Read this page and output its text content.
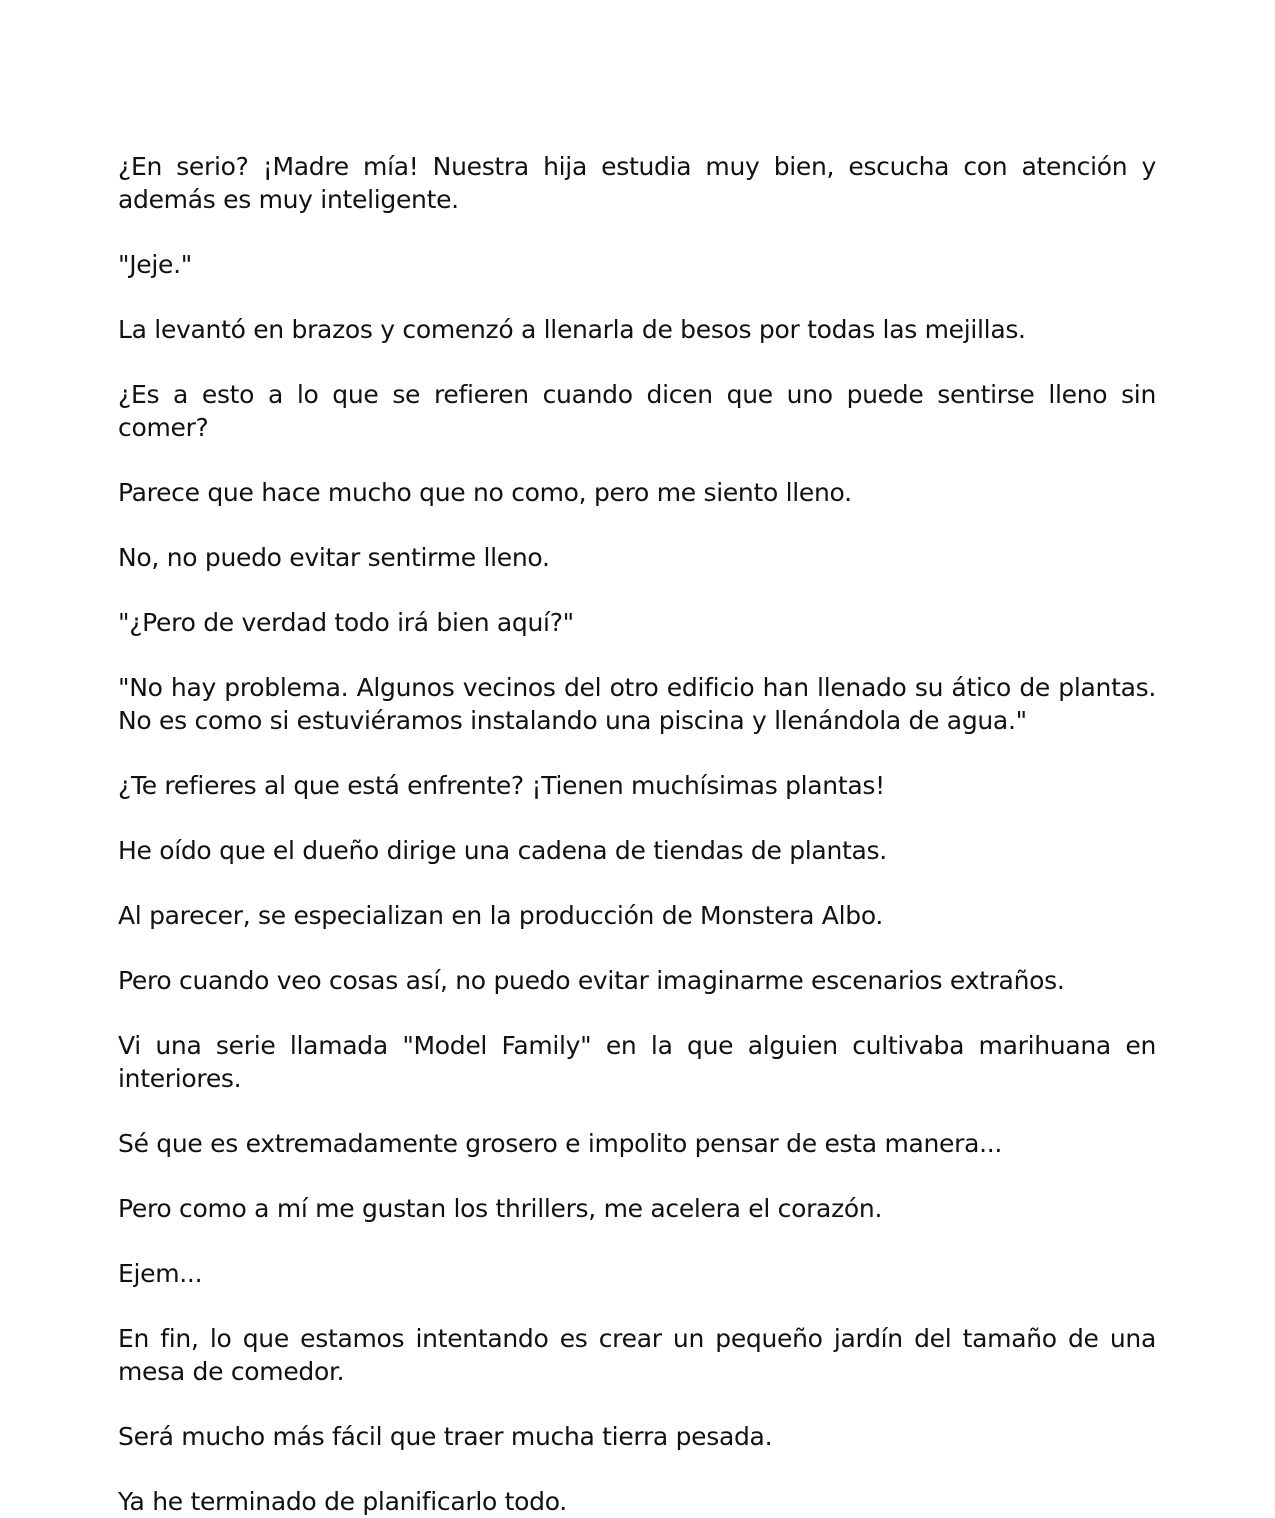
¿En serio? ¡Madre mía! Nuestra hija estudia muy bien, escucha con atención y además es muy inteligente.

"Jeje."

La levantó en brazos y comenzó a llenarla de besos por todas las mejillas.

¿Es a esto a lo que se refieren cuando dicen que uno puede sentirse lleno sin comer?

Parece que hace mucho que no como, pero me siento lleno.

No, no puedo evitar sentirme lleno.

"¿Pero de verdad todo irá bien aquí?"

"No hay problema. Algunos vecinos del otro edificio han llenado su ático de plantas. No es como si estuviéramos instalando una piscina y llenándola de agua."

¿Te refieres al que está enfrente? ¡Tienen muchísimas plantas!

He oído que el dueño dirige una cadena de tiendas de plantas.

Al parecer, se especializan en la producción de Monstera Albo.

Pero cuando veo cosas así, no puedo evitar imaginarme escenarios extraños.

Vi una serie llamada "Model Family" en la que alguien cultivaba marihuana en interiores.

Sé que es extremadamente grosero e impolito pensar de esta manera...

Pero como a mí me gustan los thrillers, me acelera el corazón.

Ejem...

En fin, lo que estamos intentando es crear un pequeño jardín del tamaño de una mesa de comedor.

Será mucho más fácil que traer mucha tierra pesada.

Ya he terminado de planificarlo todo.
